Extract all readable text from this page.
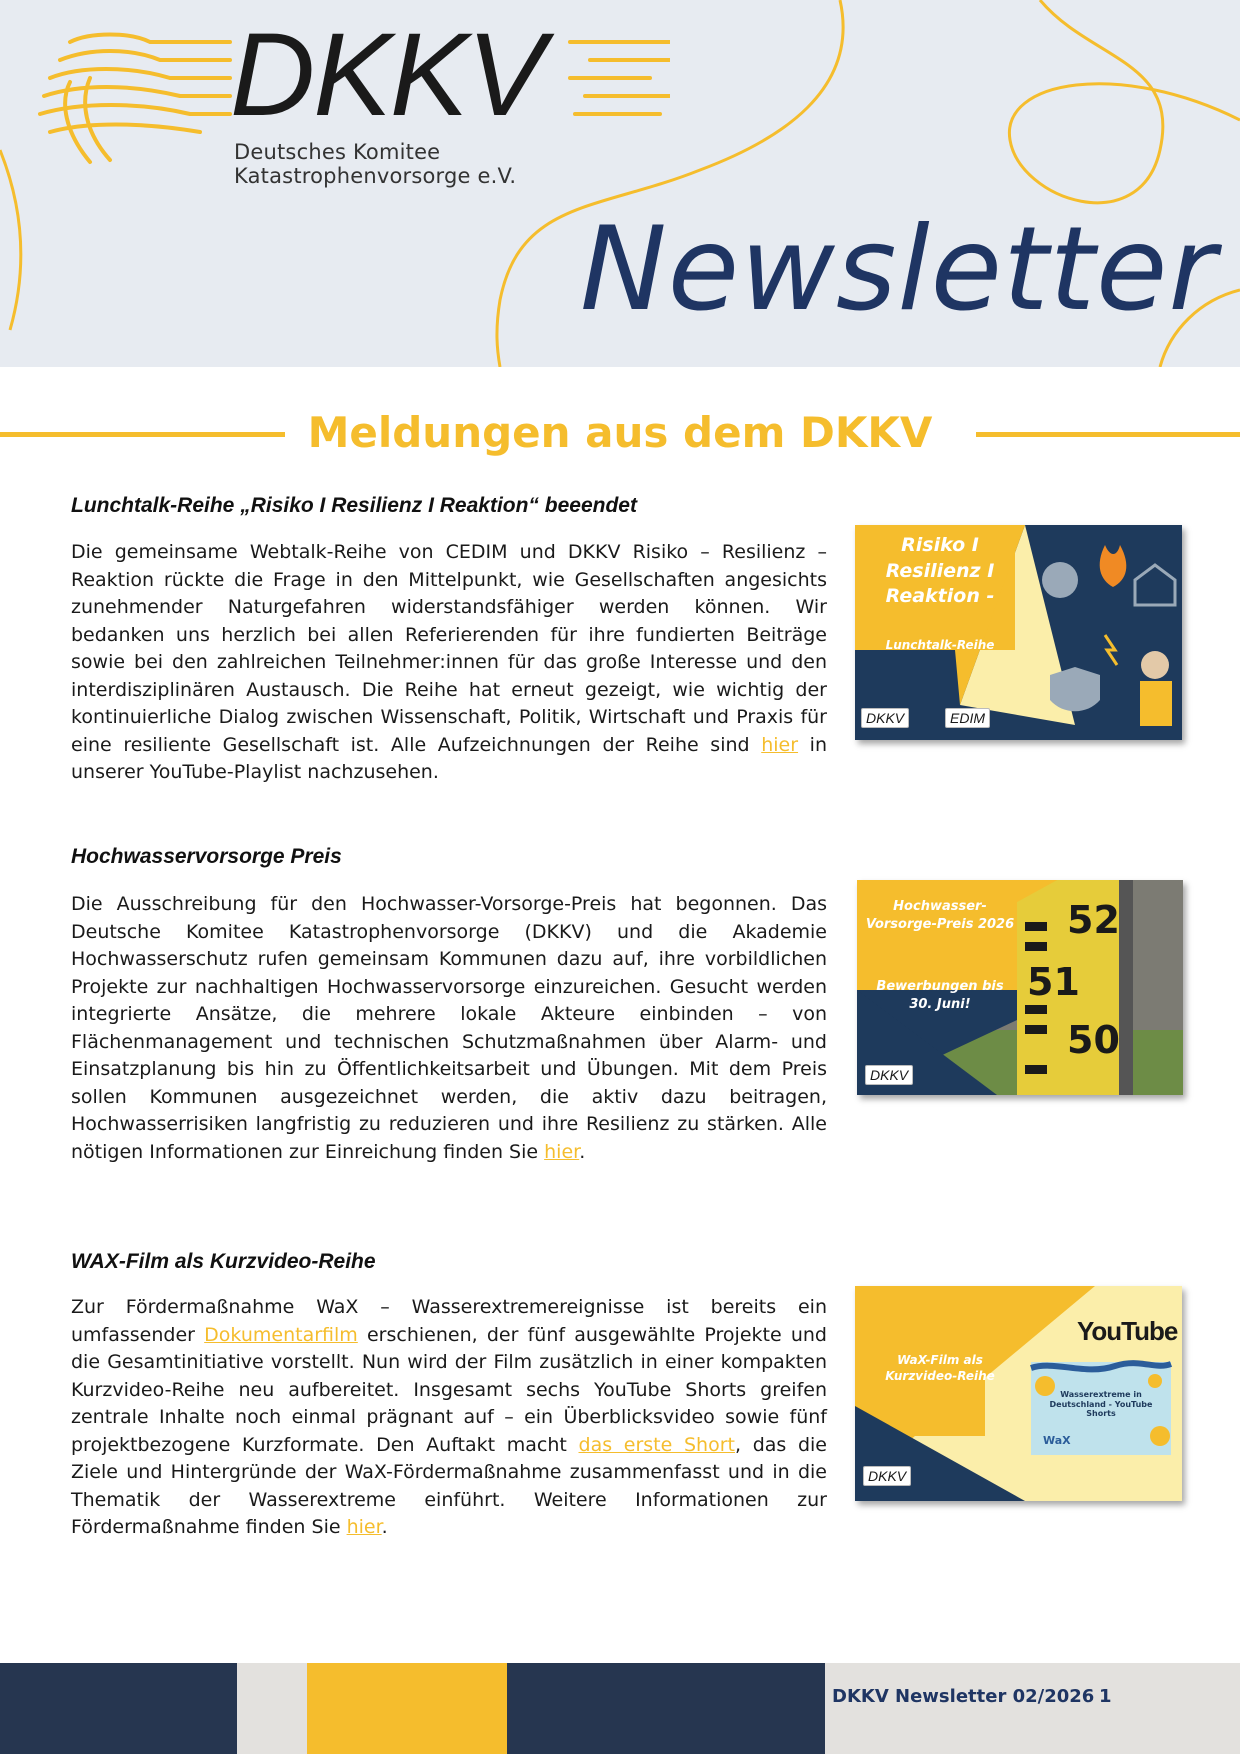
DKKV
Deutsches Komitee Katastrophenvorsorge e.V.
Newsletter
Meldungen aus dem DKKV
Lunchtalk-Reihe „Risiko I Resilienz I Reaktion“ beeendet
Die gemeinsame Webtalk-Reihe von CEDIM und DKKV Risiko – Resilienz – Reaktion rückte die Frage in den Mittelpunkt, wie Gesellschaften angesichts zunehmender Naturgefahren widerstandsfähiger werden können. Wir bedanken uns herzlich bei allen Referierenden für ihre fundierten Beiträge sowie bei den zahlreichen Teilnehmer:innen für das große Interesse und den interdisziplinären Austausch. Die Reihe hat erneut gezeigt, wie wichtig der kontinuierliche Dialog zwischen Wissenschaft, Politik, Wirtschaft und Praxis für eine resiliente Gesellschaft ist. Alle Aufzeichnungen der Reihe sind hier in unserer YouTube-Playlist nachzusehen.
Risiko I Resilienz I Reaktion -
Lunchtalk-Reihe
DKKV	EDIM
Hochwasservorsorge Preis
Die Ausschreibung für den Hochwasser-Vorsorge-Preis hat begonnen. Das Deutsche Komitee Katastrophenvorsorge (DKKV) und die Akademie Hochwasserschutz rufen gemeinsam Kommunen dazu auf, ihre vorbildlichen Projekte zur nachhaltigen Hochwasservorsorge einzureichen. Gesucht werden integrierte Ansätze, die mehrere lokale Akteure einbinden – von Flächenmanagement und technischen Schutzmaßnahmen über Alarm- und Einsatzplanung bis hin zu Öffentlichkeitsarbeit und Übungen. Mit dem Preis sollen Kommunen ausgezeichnet werden, die aktiv dazu beitragen, Hochwasserrisiken langfristig zu reduzieren und ihre Resilienz zu stärken. Alle nötigen Informationen zur Einreichung finden Sie hier.
52
51
50
Hochwasser-Vorsorge-Preis 2026
Bewerbungen bis 30. Juni!
DKKV
WAX-Film als Kurzvideo-Reihe
Zur Fördermaßnahme WaX – Wasserextremereignisse ist bereits ein umfassender Dokumentarfilm erschienen, der fünf ausgewählte Projekte und die Gesamtinitiative vorstellt. Nun wird der Film zusätzlich in einer kompakten Kurzvideo-Reihe neu aufbereitet. Insgesamt sechs YouTube Shorts greifen zentrale Inhalte noch einmal prägnant auf – ein Überblicksvideo sowie fünf projektbezogene Kurzformate. Den Auftakt macht das erste Short, das die Ziele und Hintergründe der WaX-Fördermaßnahme zusammenfasst und in die Thematik der Wasserextreme einführt. Weitere Informationen zur Fördermaßnahme finden Sie hier.
YouTube
WaX-Film als Kurzvideo-Reihe
Wasserextreme in Deutschland - YouTube Shorts
WaX
DKKV
DKKV Newsletter 02/2026 1
